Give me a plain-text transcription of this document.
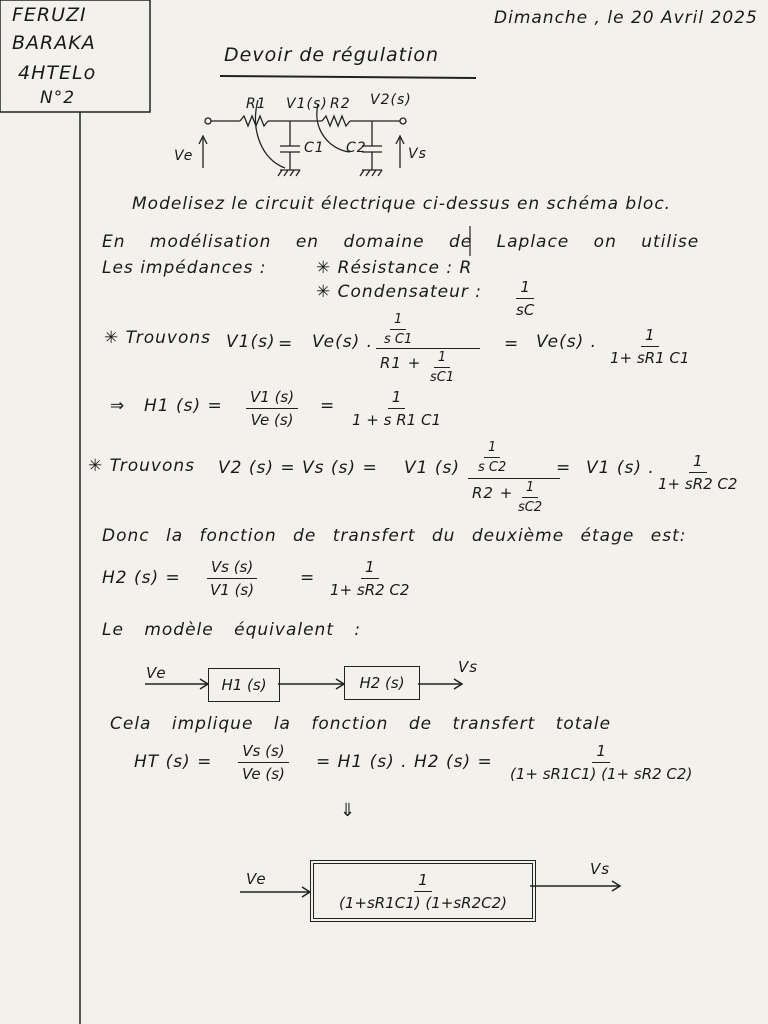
FERUZI
BARAKA
4HTELo
N°2
Dimanche , le 20 Avril 2025
Devoir de régulation
R1 V1(s) R2 V2(s)
C1 C2
Ve	Vs
Modelisez le circuit électrique ci-dessus en schéma bloc.
En modélisation en domaine de Laplace on utilise
Les impédances :	✳ Résistance : R
✳ Condensateur : $\frac{1}{sC}$
✳ Trouvons V1(s) = Ve(s) . $\frac{1}{\text{s C1}}$
$R1 + \frac{1}{sC1}$
= Ve(s) . $\frac{1}{1+ sR1 C1}$
⇒ H1 $(s) = \frac{V1 (s)}{Ve (s)} = \frac{1}{\text{1 + s R1 C1}}$
✳ Trouvons V2 (s) = Vs (s) = V1 $(s) \frac{1}{\text{s C2}}$
$R2 + \frac{1}{sC2}$
= V1 (s) . $\frac{1}{1+ sR2 C2}$
Donc la fonction de transfert du deuxième étage est:
H2 $(s) = \frac{Vs (s)}{V1 (s)} = \frac{1}{1+ sR2 C2}$
Le modèle équivalent :
Ve
H1 (s)	H2 (s)
Vs
Cela implique la fonction de transfert totale
HT $(s) = \frac{Vs (s)}{Ve (s)} = H1$ (s) . H2 $(s) = \frac{1}{(1+ sR1C1) (1+ sR2 C2)}$
⇓
Ve	$\frac{1}{(1+sR1C1) (1+sR2C2)}$
Vs
